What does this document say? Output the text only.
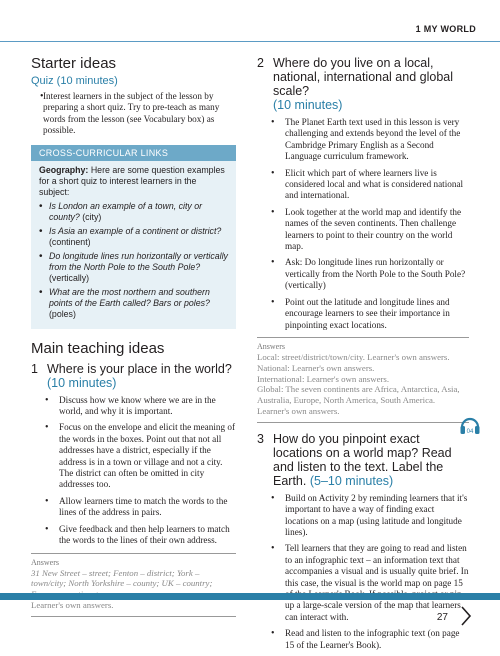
1 MY WORLD
Starter ideas
Quiz (10 minutes)
• Interest learners in the subject of the lesson by preparing a short quiz. Try to pre-teach as many words from the lesson (see Vocabulary box) as possible.
CROSS-CURRICULAR LINKS
Geography: Here are some question examples for a short quiz to interest learners in the subject:
• Is London an example of a town, city or county? (city)
• Is Asia an example of a continent or district? (continent)
• Do longitude lines run horizontally or vertically from the North Pole to the South Pole? (vertically)
• What are the most northern and southern points of the Earth called? Bars or poles? (poles)
Main teaching ideas
1 Where is your place in the world?
(10 minutes)
• Discuss how we know where we are in the world, and why it is important.
• Focus on the envelope and elicit the meaning of the words in the boxes. Point out that not all addresses have a district, especially if the address is in a town or village and not a city. The district can often be omitted in city addresses too.
• Allow learners time to match the words to the lines of the address in pairs.
• Give feedback and then help learners to match the words to the lines of their own address.
Answers
31 New Street – street; Fenton – district; York – town/city; North Yorkshire – county; UK – country;
Learner's own answers.
2 Where do you live on a local, national, international and global scale?
(10 minutes)
• The Planet Earth text used in this lesson is very challenging and extends beyond the level of the Cambridge Primary English as a Second Language curriculum framework.
• Elicit which part of where learners live is considered local and what is considered national and international.
• Look together at the world map and identify the names of the seven continents. Then challenge learners to point to their country on the world map.
• Ask: Do longitude lines run horizontally or vertically from the North Pole to the South Pole? (vertically)
• Point out the latitude and longitude lines and encourage learners to see their importance in pinpointing exact locations.
Answers
Local: street/district/town/city. Learner's own answers.
National: Learner's own answers.
International: Learner's own answers.
Global: The seven continents are Africa, Antarctica, Asia, Australia, Europe, North America, South America. Learner's own answers.
3 How do you pinpoint exact locations on a world map? Read and listen to the text. Label the Earth. (5–10 minutes)
• Build on Activity 2 by reminding learners that it's important to have a way of finding exact locations on a map (using latitude and longitude lines).
• Tell learners that they are going to read and listen to an infographic text – an information text that accompanies a visual and is usually quite brief. In this case, the visual is the world map on page 15 up a large-scale version of the map that learners can interact with.
• Read and listen to the infographic text (on page 15 of the Learner's Book).
04
27
